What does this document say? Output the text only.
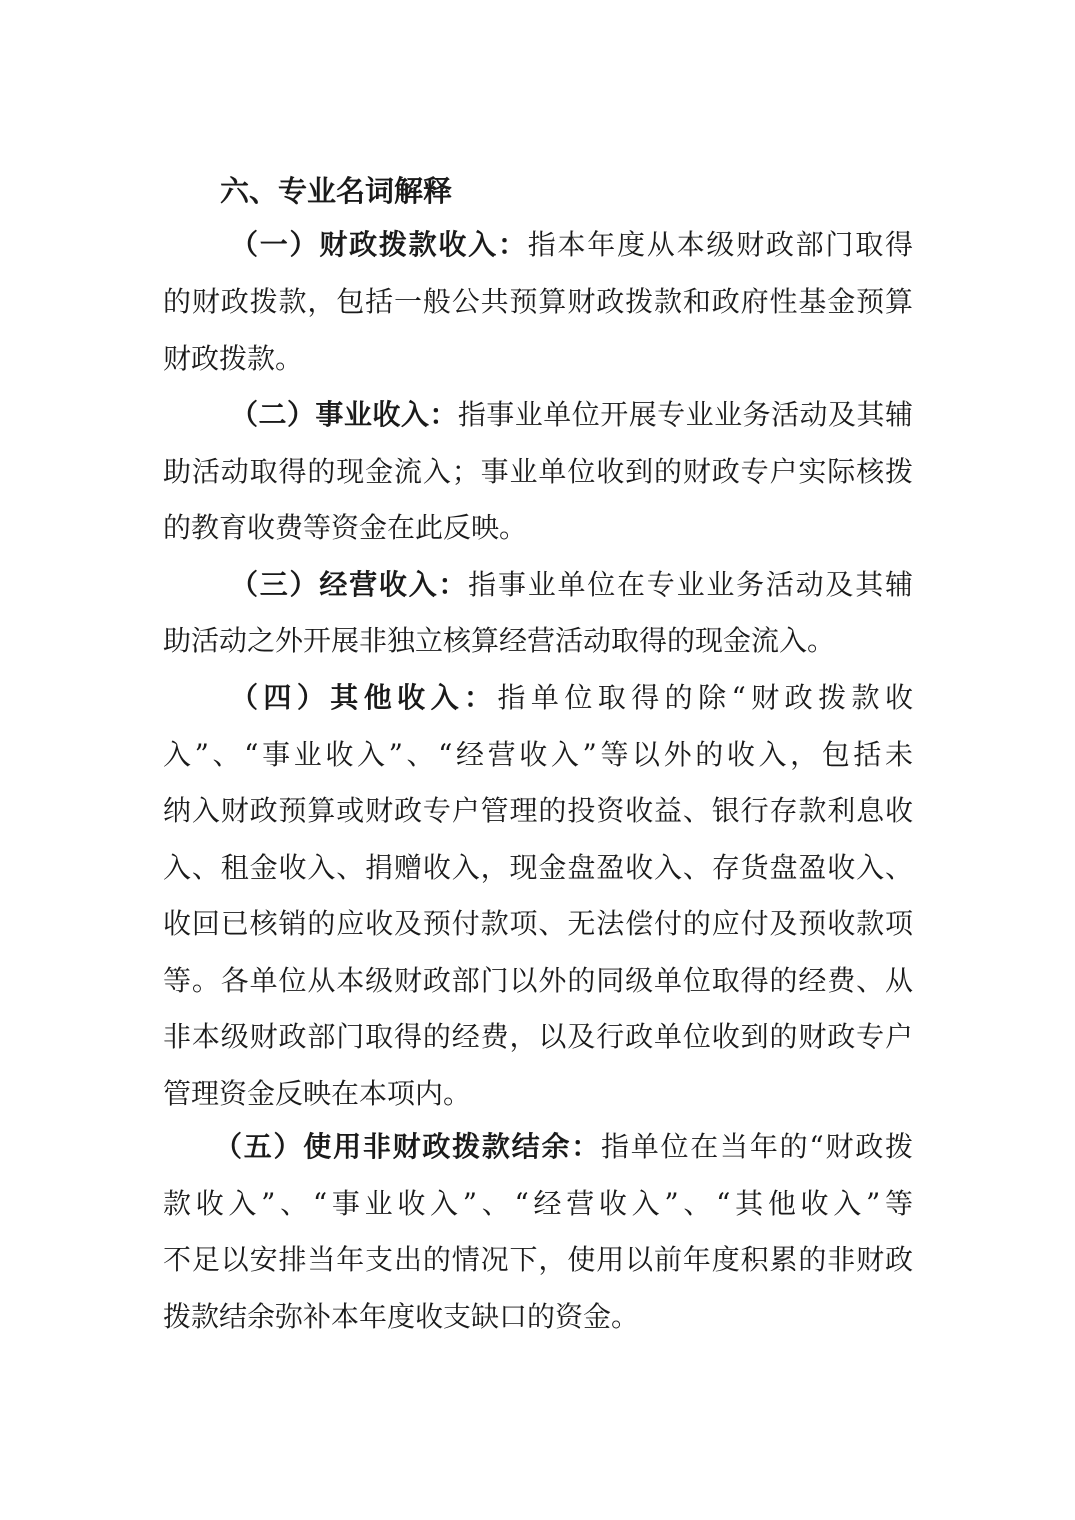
六、专业名词解释
（一）财政拨款收入：指本年度从本级财政部门取得
的财政拨款，包括一般公共预算财政拨款和政府性基金预算
财政拨款。
（二）事业收入：指事业单位开展专业业务活动及其辅
助活动取得的现金流入；事业单位收到的财政专户实际核拨
的教育收费等资金在此反映。
（三）经营收入：指事业单位在专业业务活动及其辅
助活动之外开展非独立核算经营活动取得的现金流入。
（四）其他收入：指单位取得的除“财政拨款收
入”、“事业收入”、“经营收入”等以外的收入，包括未
纳入财政预算或财政专户管理的投资收益、银行存款利息收
入、租金收入、捐赠收入，现金盘盈收入、存货盘盈收入、
收回已核销的应收及预付款项、无法偿付的应付及预收款项
等。各单位从本级财政部门以外的同级单位取得的经费、从
非本级财政部门取得的经费，以及行政单位收到的财政专户
管理资金反映在本项内。
（五）使用非财政拨款结余：指单位在当年的“财政拨
款收入”、“事业收入”、“经营收入”、“其他收入”等
不足以安排当年支出的情况下，使用以前年度积累的非财政
拨款结余弥补本年度收支缺口的资金。
